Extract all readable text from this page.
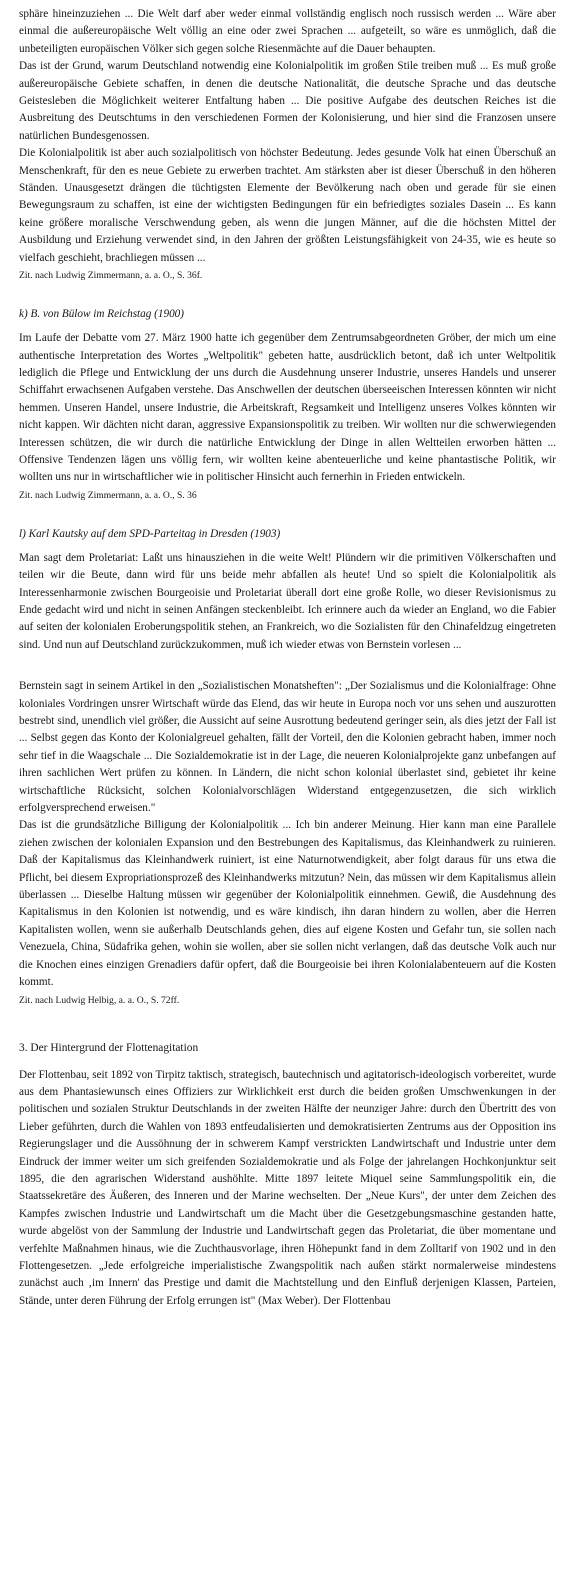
sphäre hineinzuziehen ... Die Welt darf aber weder einmal vollständig englisch noch russisch werden ... Wäre aber einmal die außereuropäische Welt völlig an eine oder zwei Sprachen ... aufgeteilt, so wäre es unmöglich, daß die unbeteiligten europäischen Völker sich gegen solche Riesenmächte auf die Dauer behaupten.

Das ist der Grund, warum Deutschland notwendig eine Kolonialpolitik im großen Stile treiben muß ... Es muß große außereuropäische Gebiete schaffen, in denen die deutsche Nationalität, die deutsche Sprache und das deutsche Geistesleben die Möglichkeit weiterer Entfaltung haben ... Die positive Aufgabe des deutschen Reiches ist die Ausbreitung des Deutschtums in den verschiedenen Formen der Kolonisierung, und hier sind die Franzosen unsere natürlichen Bundesgenossen.

Die Kolonialpolitik ist aber auch sozialpolitisch von höchster Bedeutung. Jedes gesunde Volk hat einen Überschuß an Menschenkraft, für den es neue Gebiete zu erwerben trachtet. Am stärksten aber ist dieser Überschuß in den höheren Ständen. Unausgesetzt drängen die tüchtigsten Elemente der Bevölkerung nach oben und gerade für sie einen Bewegungsraum zu schaffen, ist eine der wichtigsten Bedingungen für ein befriedigtes soziales Dasein ... Es kann keine größere moralische Verschwendung geben, als wenn die jungen Männer, auf die die höchsten Mittel der Ausbildung und Erziehung verwendet sind, in den Jahren der größten Leistungsfähigkeit von 24-35, wie es heute so vielfach geschieht, brachliegen müssen ...

Zit. nach Ludwig Zimmermann, a. a. O., S. 36f.

k) B. von Bülow im Reichstag (1900)

Im Laufe der Debatte vom 27. März 1900 hatte ich gegenüber dem Zentrumsabgeordneten Gröber, der mich um eine authentische Interpretation des Wortes „Weltpolitik" gebeten hatte, ausdrücklich betont, daß ich unter Weltpolitik lediglich die Pflege und Entwicklung der uns durch die Ausdehnung unserer Industrie, unseres Handels und unserer Schiffahrt erwachsenen Aufgaben verstehe. Das Anschwellen der deutschen überseeischen Interessen könnten wir nicht hemmen. Unseren Handel, unsere Industrie, die Arbeitskraft, Regsamkeit und Intelligenz unseres Volkes könnten wir nicht kappen. Wir dächten nicht daran, aggressive Expansionspolitik zu treiben. Wir wollten nur die schwerwiegenden Interessen schützen, die wir durch die natürliche Entwicklung der Dinge in allen Weltteilen erworben hätten ... Offensive Tendenzen lägen uns völlig fern, wir wollten keine abenteuerliche und keine phantastische Politik, wir wollten uns nur in wirtschaftlicher wie in politischer Hinsicht auch fernerhin in Frieden entwickeln.

Zit. nach Ludwig Zimmermann, a. a. O., S. 36

l) Karl Kautsky auf dem SPD-Parteitag in Dresden (1903)

Man sagt dem Proletariat: Laßt uns hinausziehen in die weite Welt! Plündern wir die primitiven Völkerschaften und teilen wir die Beute, dann wird für uns beide mehr abfallen als heute! Und so spielt die Kolonialpolitik als Interessenharmonie zwischen Bourgeoisie und Proletariat überall dort eine große Rolle, wo dieser Revisionismus zu Ende gedacht wird und nicht in seinen Anfängen steckenbleibt. Ich erinnere auch da wieder an England, wo die Fabier auf seiten der kolonialen Eroberungspolitik stehen, an Frankreich, wo die Sozialisten für den Chinafeldzug eingetreten sind. Und nun auf Deutschland zurückzukommen, muß ich wieder etwas von Bernstein vorlesen ...

Bernstein sagt in seinem Artikel in den „Sozialistischen Monatsheften": „Der Sozialismus und die Kolonialfrage: Ohne koloniales Vordringen unsrer Wirtschaft würde das Elend, das wir heute in Europa noch vor uns sehen und auszurotten bestrebt sind, unendlich viel größer, die Aussicht auf seine Ausrottung bedeutend geringer sein, als dies jetzt der Fall ist ... Selbst gegen das Konto der Kolonialgreuel gehalten, fällt der Vorteil, den die Kolonien gebracht haben, immer noch sehr tief in die Waagschale ... Die Sozialdemokratie ist in der Lage, die neueren Kolonialprojekte ganz unbefangen auf ihren sachlichen Wert prüfen zu können. In Ländern, die nicht schon kolonial überlastet sind, gebietet ihr keine wirtschaftliche Rücksicht, solchen Kolonialvorschlägen Widerstand entgegenzusetzen, die sich wirklich erfolgversprechend erweisen."

Das ist die grundsätzliche Billigung der Kolonialpolitik ... Ich bin anderer Meinung. Hier kann man eine Parallele ziehen zwischen der kolonialen Expansion und den Bestrebungen des Kapitalismus, das Kleinhandwerk zu ruinieren. Daß der Kapitalismus das Kleinhandwerk ruiniert, ist eine Naturnotwendigkeit, aber folgt daraus für uns etwa die Pflicht, bei diesem Expropriationsprozeß des Kleinhandwerks mitzutun? Nein, das müssen wir dem Kapitalismus allein überlassen ... Dieselbe Haltung müssen wir gegenüber der Kolonialpolitik einnehmen. Gewiß, die Ausdehnung des Kapitalismus in den Kolonien ist notwendig, und es wäre kindisch, ihn daran hindern zu wollen, aber die Herren Kapitalisten wollen, wenn sie außerhalb Deutschlands gehen, dies auf eigene Kosten und Gefahr tun, sie sollen nach Venezuela, China, Südafrika gehen, wohin sie wollen, aber sie sollen nicht verlangen, daß das deutsche Volk auch nur die Knochen eines einzigen Grenadiers dafür opfert, daß die Bourgeoisie bei ihren Kolonialabenteuern auf die Kosten kommt.

Zit. nach Ludwig Helbig, a. a. O., S. 72ff.

3. Der Hintergrund der Flottenagitation

Der Flottenbau, seit 1892 von Tirpitz taktisch, strategisch, bautechnisch und agitatorisch-ideologisch vorbereitet, wurde aus dem Phantasiewunsch eines Offiziers zur Wirklichkeit erst durch die beiden großen Umschwenkungen in der politischen und sozialen Struktur Deutschlands in der zweiten Hälfte der neunziger Jahre: durch den Übertritt des von Lieber geführten, durch die Wahlen von 1893 entfeudalisierten und demokratisierten Zentrums aus der Opposition ins Regierungslager und die Aussöhnung der in schwerem Kampf verstrickten Landwirtschaft und Industrie unter dem Eindruck der immer weiter um sich greifenden Sozialdemokratie und als Folge der jahrelangen Hochkonjunktur seit 1895, die den agrarischen Widerstand aushöhlte. Mitte 1897 leitete Miquel seine Sammlungspolitik ein, die Staatssekretäre des Äußeren, des Inneren und der Marine wechselten. Der „Neue Kurs", der unter dem Zeichen des Kampfes zwischen Industrie und Landwirtschaft um die Macht über die Gesetzgebungsmaschine gestanden hatte, wurde abgelöst von der Sammlung der Industrie und Landwirtschaft gegen das Proletariat, die über momentane und verfehlte Maßnahmen hinaus, wie die Zuchthausvorlage, ihren Höhepunkt fand in dem Zolltarif von 1902 und in den Flottengesetzen. „Jede erfolgreiche imperialistische Zwangspolitik nach außen stärkt normalerweise mindestens zunächst auch ‚im Innern' das Prestige und damit die Machtstellung und den Einfluß derjenigen Klassen, Parteien, Stände, unter deren Führung der Erfolg errungen ist" (Max Weber). Der Flottenbau
